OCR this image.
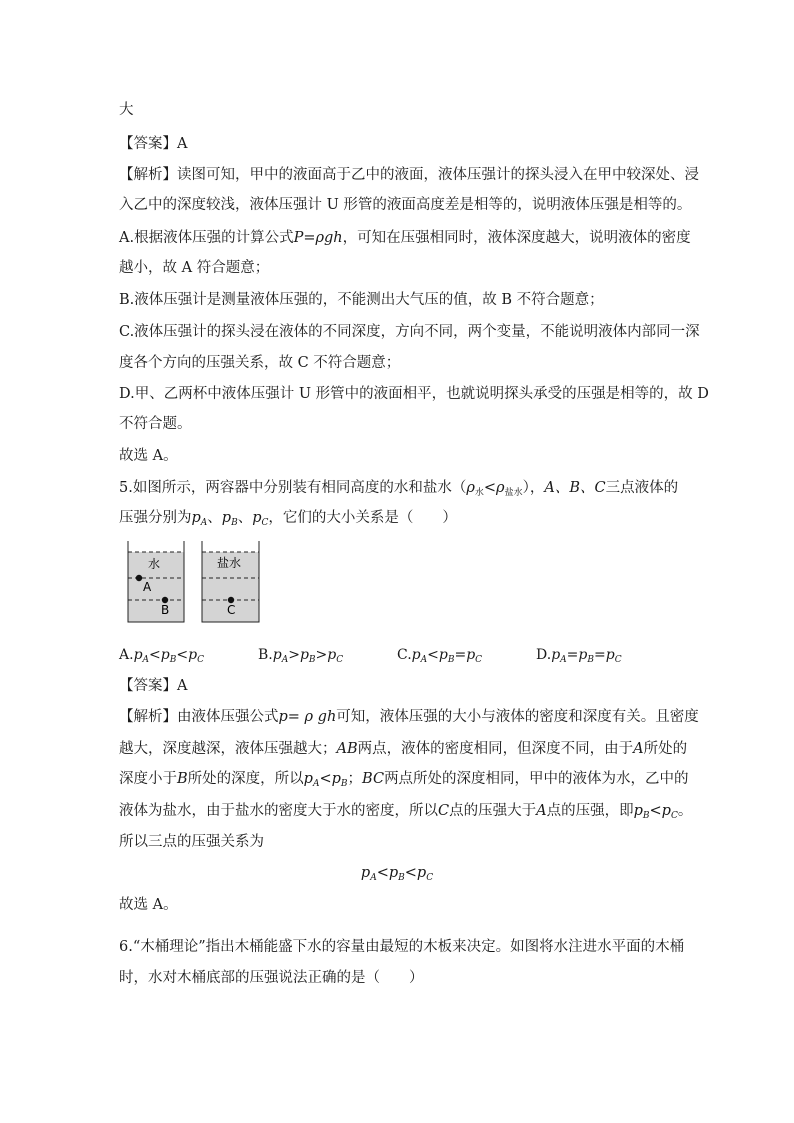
大
【答案】A
【解析】读图可知，甲中的液面高于乙中的液面，液体压强计的探头浸入在甲中较深处、浸
入乙中的深度较浅，液体压强计 U 形管的液面高度差是相等的，说明液体压强是相等的。
A.根据液体压强的计算公式P=ρgh，可知在压强相同时，液体深度越大，说明液体的密度
越小，故 A 符合题意；
B.液体压强计是测量液体压强的，不能测出大气压的值，故 B 不符合题意；
C.液体压强计的探头浸在液体的不同深度，方向不同，两个变量，不能说明液体内部同一深
度各个方向的压强关系，故 C 不符合题意；
D.甲、乙两杯中液体压强计 U 形管中的液面相平，也就说明探头承受的压强是相等的，故 D
不符合题。
故选 A。
5.如图所示，两容器中分别装有相同高度的水和盐水$(\rho_水<\rho_{盐水})$，A、B、C三点液体的
压强分别为$p_A$、$p_B$、$p_C$，它们的大小关系是（　　）
水	盐水
A
B	C
$A.p_A<p_B<p_C$	$B.p_A>p_B>p_C$	$C.p_A<p_B=p_C$	$D.p_A=p_B=p_C$
【答案】A
【解析】由液体压强公式p= ρ gh可知，液体压强的大小与液体的密度和深度有关。且密度
越大，深度越深，液体压强越大；AB两点，液体的密度相同，但深度不同，由于A所处的
深度小于B所处的深度，所以$p_A<p_B$；BC两点所处的深度相同，甲中的液体为水，乙中的
液体为盐水，由于盐水的密度大于水的密度，所以C点的压强大于A点的压强，即$p_B<p_C$。
所以三点的压强关系为
$p_A<p_B<p_C$
故选 A。
6.“木桶理论”指出木桶能盛下水的容量由最短的木板来决定。如图将水注进水平面的木桶
时，水对木桶底部的压强说法正确的是（　　）
